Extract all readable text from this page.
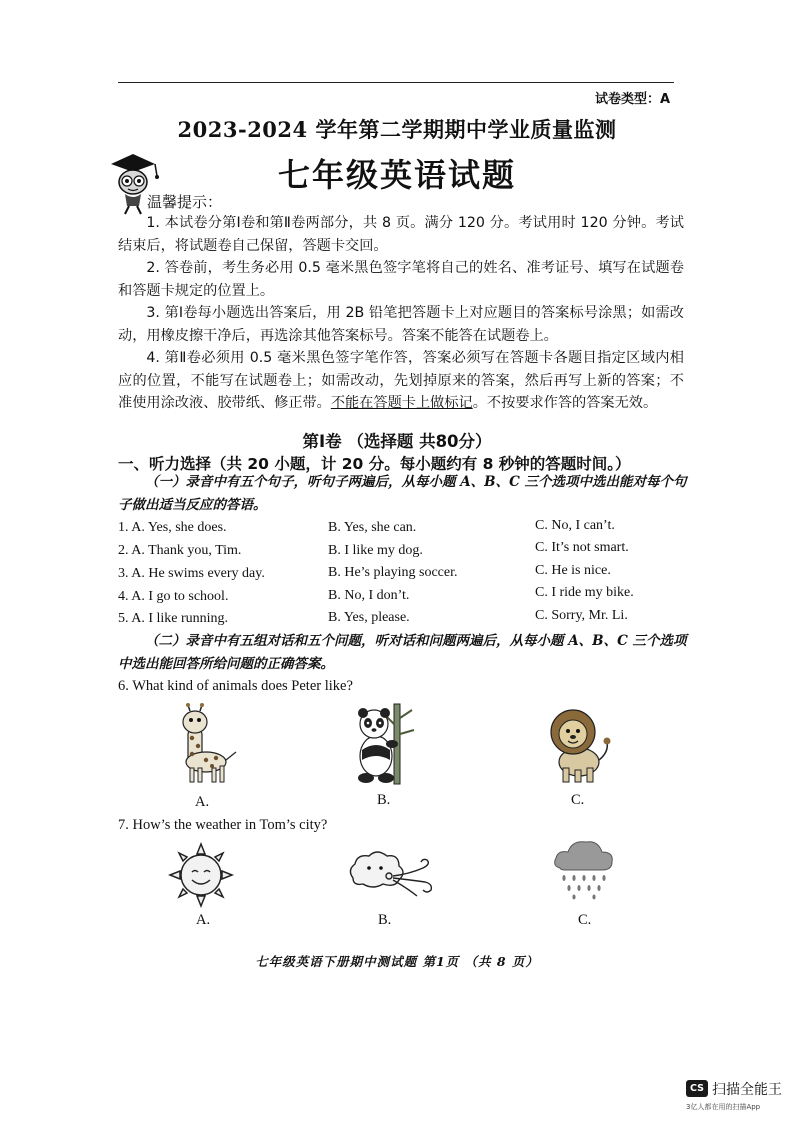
试卷类型：A
2023-2024 学年第二学期期中学业质量监测
七年级英语试题
温馨提示：

1. 本试卷分第Ⅰ卷和第Ⅱ卷两部分，共 8 页。满分 120 分。考试用时 120 分钟。考试结束后，将试题卷自己保留，答题卡交回。

2. 答卷前，考生务必用 0.5 毫米黑色签字笔将自己的姓名、准考证号、填写在试题卷和答题卡规定的位置上。

3. 第Ⅰ卷每小题选出答案后，用 2B 铅笔把答题卡上对应题目的答案标号涂黑；如需改动，用橡皮擦干净后，再选涂其他答案标号。答案不能答在试题卷上。

4. 第Ⅱ卷必须用 0.5 毫米黑色签字笔作答，答案必须写在答题卡各题目指定区域内相应的位置，不能写在试题卷上；如需改动，先划掉原来的答案，然后再写上新的答案；不准使用涂改液、胶带纸、修正带。不能在答题卡上做标记。不按要求作答的答案无效。

第Ⅰ卷 （选择题 共80分）
一、听力选择（共 20 小题，计 20 分。每小题约有 8 秒钟的答题时间。）

（一）录音中有五个句子，听句子两遍后，从每小题 A、B、C 三个选项中选出能对每个句子做出适当反应的答语。

1. A. Yes, she does.	B. Yes, she can.	C. No, I can’t.
2. A. Thank you, Tim.	B. I like my dog.	C. It’s not smart.
3. A. He swims every day.	B. He’s playing soccer.	C. He is nice.
4. A. I go to school.	B. No, I don’t.	C. I ride my bike.
5. A. I like running.	B. Yes, please.	C. Sorry, Mr. Li.

（二）录音中有五组对话和五个问题，听对话和问题两遍后，从每小题 A、B、C 三个选项中选出能回答所给问题的正确答案。

6. What kind of animals does Peter like?
A.	B.	C.
7. How’s the weather in Tom’s city?
A.	B.	C.
七年级英语下册期中测试题 第1页 （共 8 页）
CS 扫描全能王
3亿人都在用的扫描App
